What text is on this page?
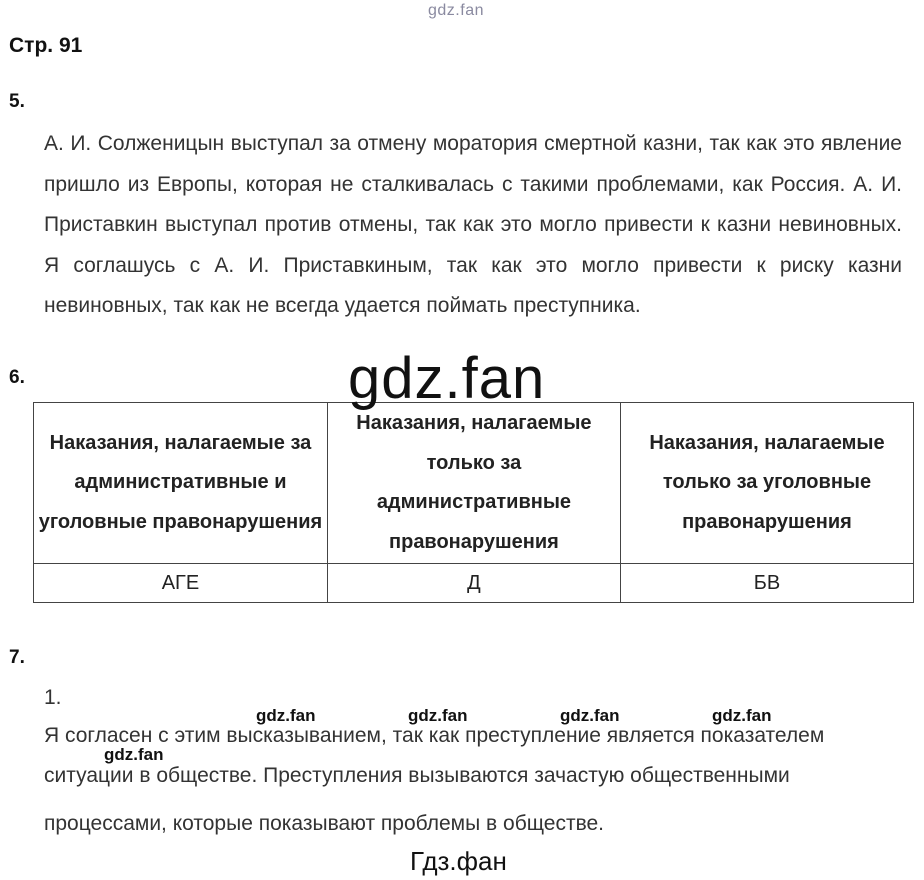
gdz.fan
Стр. 91
5.
А. И. Солженицын выступал за отмену моратория смертной казни, так как это явление пришло из Европы, которая не сталкивалась с такими проблемами, как Россия. А. И. Приставкин выступал против отмены, так как это могло привести к казни невиновных. Я соглашусь с А. И. Приставкиным, так как это могло привести к риску казни невиновных, так как не всегда удается поймать преступника.
6.
Наказания, налагаемые за административные и уголовные правонарушения	Наказания, налагаемые только за административные правонарушения	Наказания, налагаемые только за уголовные правонарушения
АГЕ	Д	БВ
gdz.fan
7.
1.
Я согласен с этим высказыванием, так как преступление является показателем
ситуации в обществе. Преступления вызываются зачастую общественными
процессами, которые показывают проблемы в обществе.
gdz.fan	gdz.fan	gdz.fan	gdz.fan
gdz.fan
Гдз.фан
